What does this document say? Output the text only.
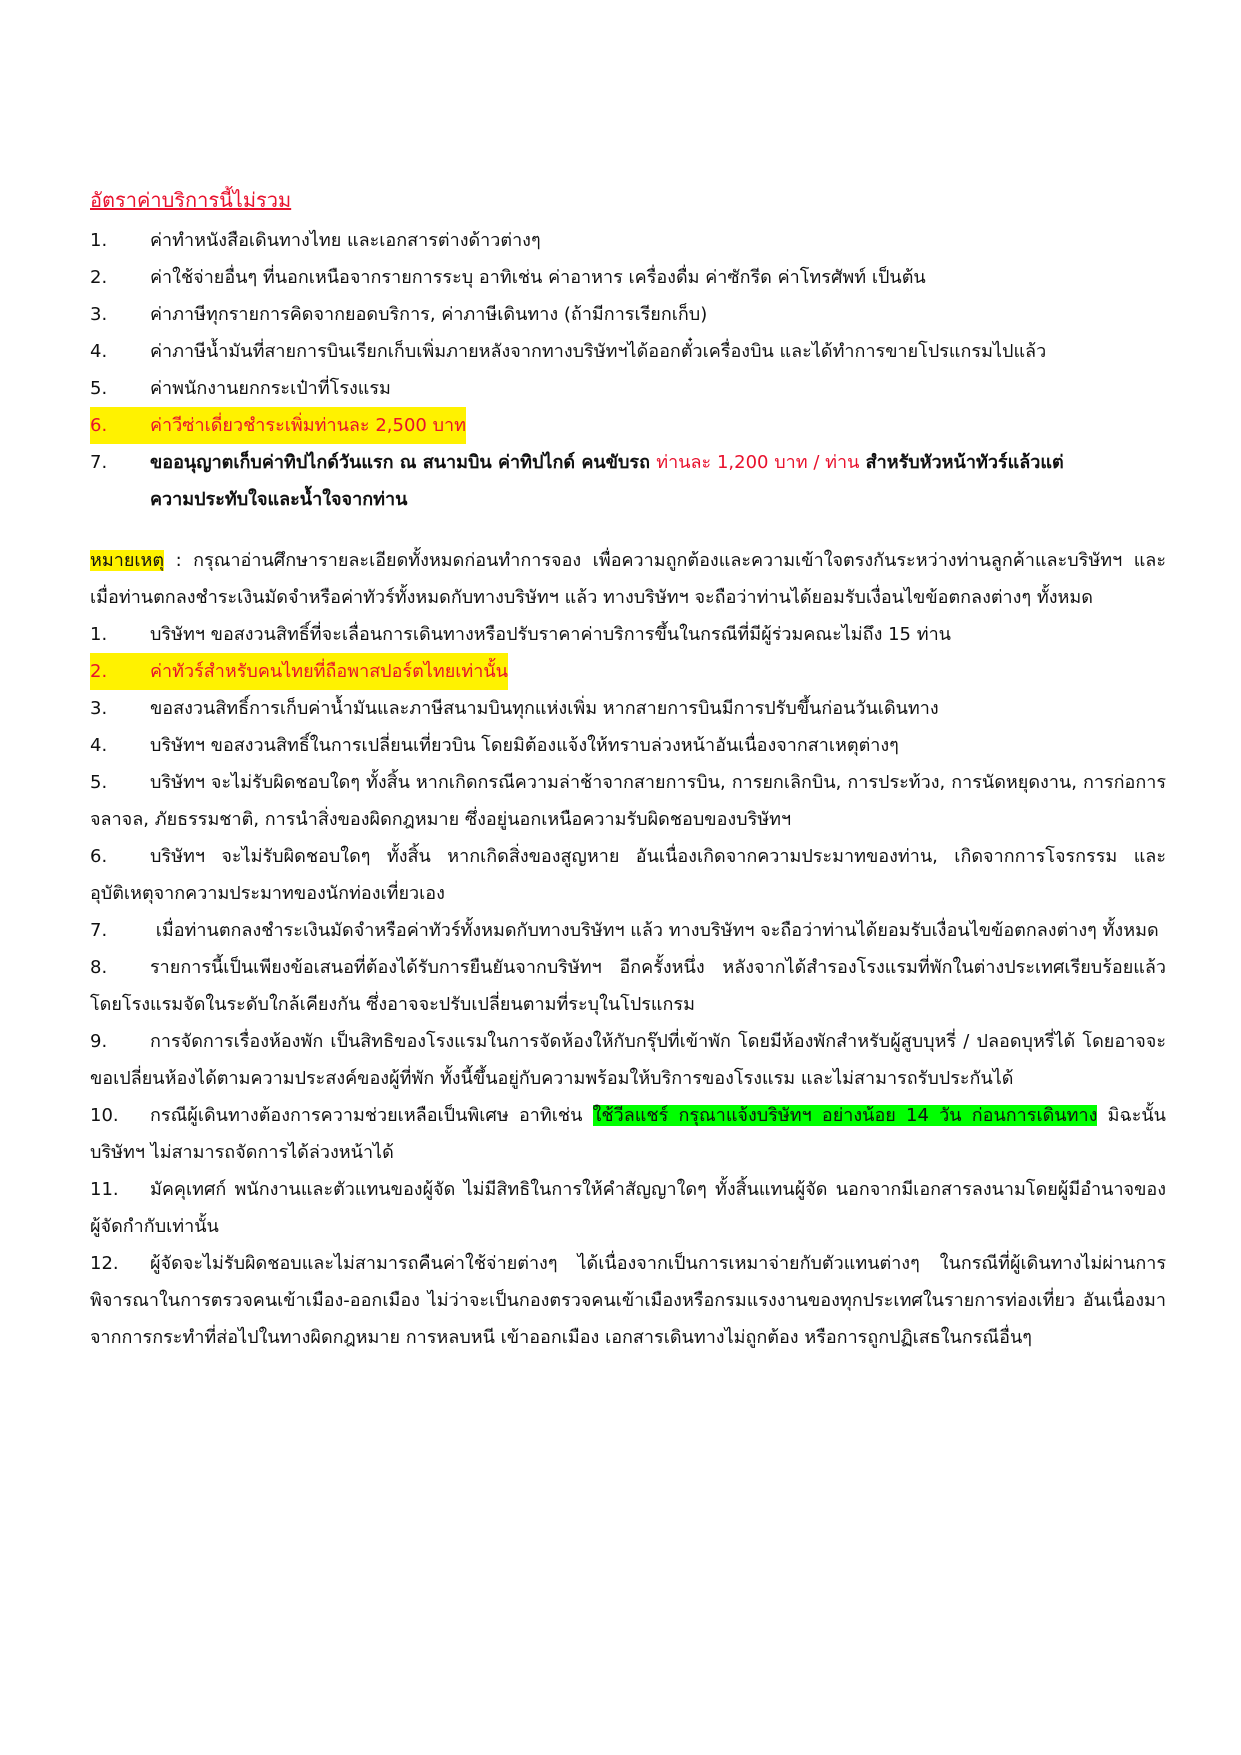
อัตราค่าบริการนี้ไม่รวม
1.	ค่าทำหนังสือเดินทางไทย และเอกสารต่างด้าวต่างๆ
2.	ค่าใช้จ่ายอื่นๆ ที่นอกเหนือจากรายการระบุ อาทิเช่น ค่าอาหาร เครื่องดื่ม ค่าซักรีด ค่าโทรศัพท์ เป็นต้น
3.	ค่าภาษีทุกรายการคิดจากยอดบริการ, ค่าภาษีเดินทาง (ถ้ามีการเรียกเก็บ)
4.	ค่าภาษีน้ำมันที่สายการบินเรียกเก็บเพิ่มภายหลังจากทางบริษัทฯได้ออกตั๋วเครื่องบิน และได้ทำการขายโปรแกรมไปแล้ว
5.	ค่าพนักงานยกกระเป๋าที่โรงแรม
6.	ค่าวีซ่าเดี่ยวชำระเพิ่มท่านละ 2,500 บาท
7.	ขออนุญาตเก็บค่าทิปไกด์วันแรก ณ สนามบิน ค่าทิปไกด์ คนขับรถ ท่านละ 1,200 บาท / ท่าน สำหรับหัวหน้าทัวร์แล้วแต่
ความประทับใจและน้ำใจจากท่าน
หมายเหตุ : กรุณาอ่านศึกษารายละเอียดทั้งหมดก่อนทำการจอง เพื่อความถูกต้องและความเข้าใจตรงกันระหว่างท่านลูกค้าและบริษัทฯ และเมื่อท่านตกลงชำระเงินมัดจำหรือค่าทัวร์ทั้งหมดกับทางบริษัทฯ แล้ว ทางบริษัทฯ จะถือว่าท่านได้ยอมรับเงื่อนไขข้อตกลงต่างๆ ทั้งหมด
1.	บริษัทฯ ขอสงวนสิทธิ์ที่จะเลื่อนการเดินทางหรือปรับราคาค่าบริการขึ้นในกรณีที่มีผู้ร่วมคณะไม่ถึง 15 ท่าน
2.	ค่าทัวร์สำหรับคนไทยที่ถือพาสปอร์ตไทยเท่านั้น
3.	ขอสงวนสิทธิ์การเก็บค่าน้ำมันและภาษีสนามบินทุกแห่งเพิ่ม หากสายการบินมีการปรับขึ้นก่อนวันเดินทาง
4.	บริษัทฯ ขอสงวนสิทธิ์ในการเปลี่ยนเที่ยวบิน โดยมิต้องแจ้งให้ทราบล่วงหน้าอันเนื่องจากสาเหตุต่างๆ
5. บริษัทฯ จะไม่รับผิดชอบใดๆ ทั้งสิ้น หากเกิดกรณีความล่าช้าจากสายการบิน, การยกเลิกบิน, การประท้วง, การนัดหยุดงาน, การก่อการจลาจล, ภัยธรรมชาติ, การนำสิ่งของผิดกฎหมาย ซึ่งอยู่นอกเหนือความรับผิดชอบของบริษัทฯ
6. บริษัทฯ จะไม่รับผิดชอบใดๆ ทั้งสิ้น หากเกิดสิ่งของสูญหาย อันเนื่องเกิดจากความประมาทของท่าน, เกิดจากการโจรกรรม และ อุบัติเหตุจากความประมาทของนักท่องเที่ยวเอง
7. เมื่อท่านตกลงชำระเงินมัดจำหรือค่าทัวร์ทั้งหมดกับทางบริษัทฯ แล้ว ทางบริษัทฯ จะถือว่าท่านได้ยอมรับเงื่อนไขข้อตกลงต่างๆ ทั้งหมด
8. รายการนี้เป็นเพียงข้อเสนอที่ต้องได้รับการยืนยันจากบริษัทฯ อีกครั้งหนึ่ง หลังจากได้สำรองโรงแรมที่พักในต่างประเทศเรียบร้อยแล้ว โดยโรงแรมจัดในระดับใกล้เคียงกัน ซึ่งอาจจะปรับเปลี่ยนตามที่ระบุในโปรแกรม
9. การจัดการเรื่องห้องพัก เป็นสิทธิของโรงแรมในการจัดห้องให้กับกรุ๊ปที่เข้าพัก โดยมีห้องพักสำหรับผู้สูบบุหรี่ / ปลอดบุหรี่ได้ โดยอาจจะขอเปลี่ยนห้องได้ตามความประสงค์ของผู้ที่พัก ทั้งนี้ขึ้นอยู่กับความพร้อมให้บริการของโรงแรม และไม่สามารถรับประกันได้
10. กรณีผู้เดินทางต้องการความช่วยเหลือเป็นพิเศษ อาทิเช่น ใช้วีลแชร์ กรุณาแจ้งบริษัทฯ อย่างน้อย 14 วัน ก่อนการเดินทาง มิฉะนั้น บริษัทฯ ไม่สามารถจัดการได้ล่วงหน้าได้
11. มัคคุเทศก์ พนักงานและตัวแทนของผู้จัด ไม่มีสิทธิในการให้คำสัญญาใดๆ ทั้งสิ้นแทนผู้จัด นอกจากมีเอกสารลงนามโดยผู้มีอำนาจของผู้จัดกำกับเท่านั้น
12. ผู้จัดจะไม่รับผิดชอบและไม่สามารถคืนค่าใช้จ่ายต่างๆ ได้เนื่องจากเป็นการเหมาจ่ายกับตัวแทนต่างๆ ในกรณีที่ผู้เดินทางไม่ผ่านการพิจารณาในการตรวจคนเข้าเมือง-ออกเมือง ไม่ว่าจะเป็นกองตรวจคนเข้าเมืองหรือกรมแรงงานของทุกประเทศในรายการท่องเที่ยว อันเนื่องมาจากการกระทำที่ส่อไปในทางผิดกฎหมาย การหลบหนี เข้าออกเมือง เอกสารเดินทางไม่ถูกต้อง หรือการถูกปฏิเสธในกรณีอื่นๆ
